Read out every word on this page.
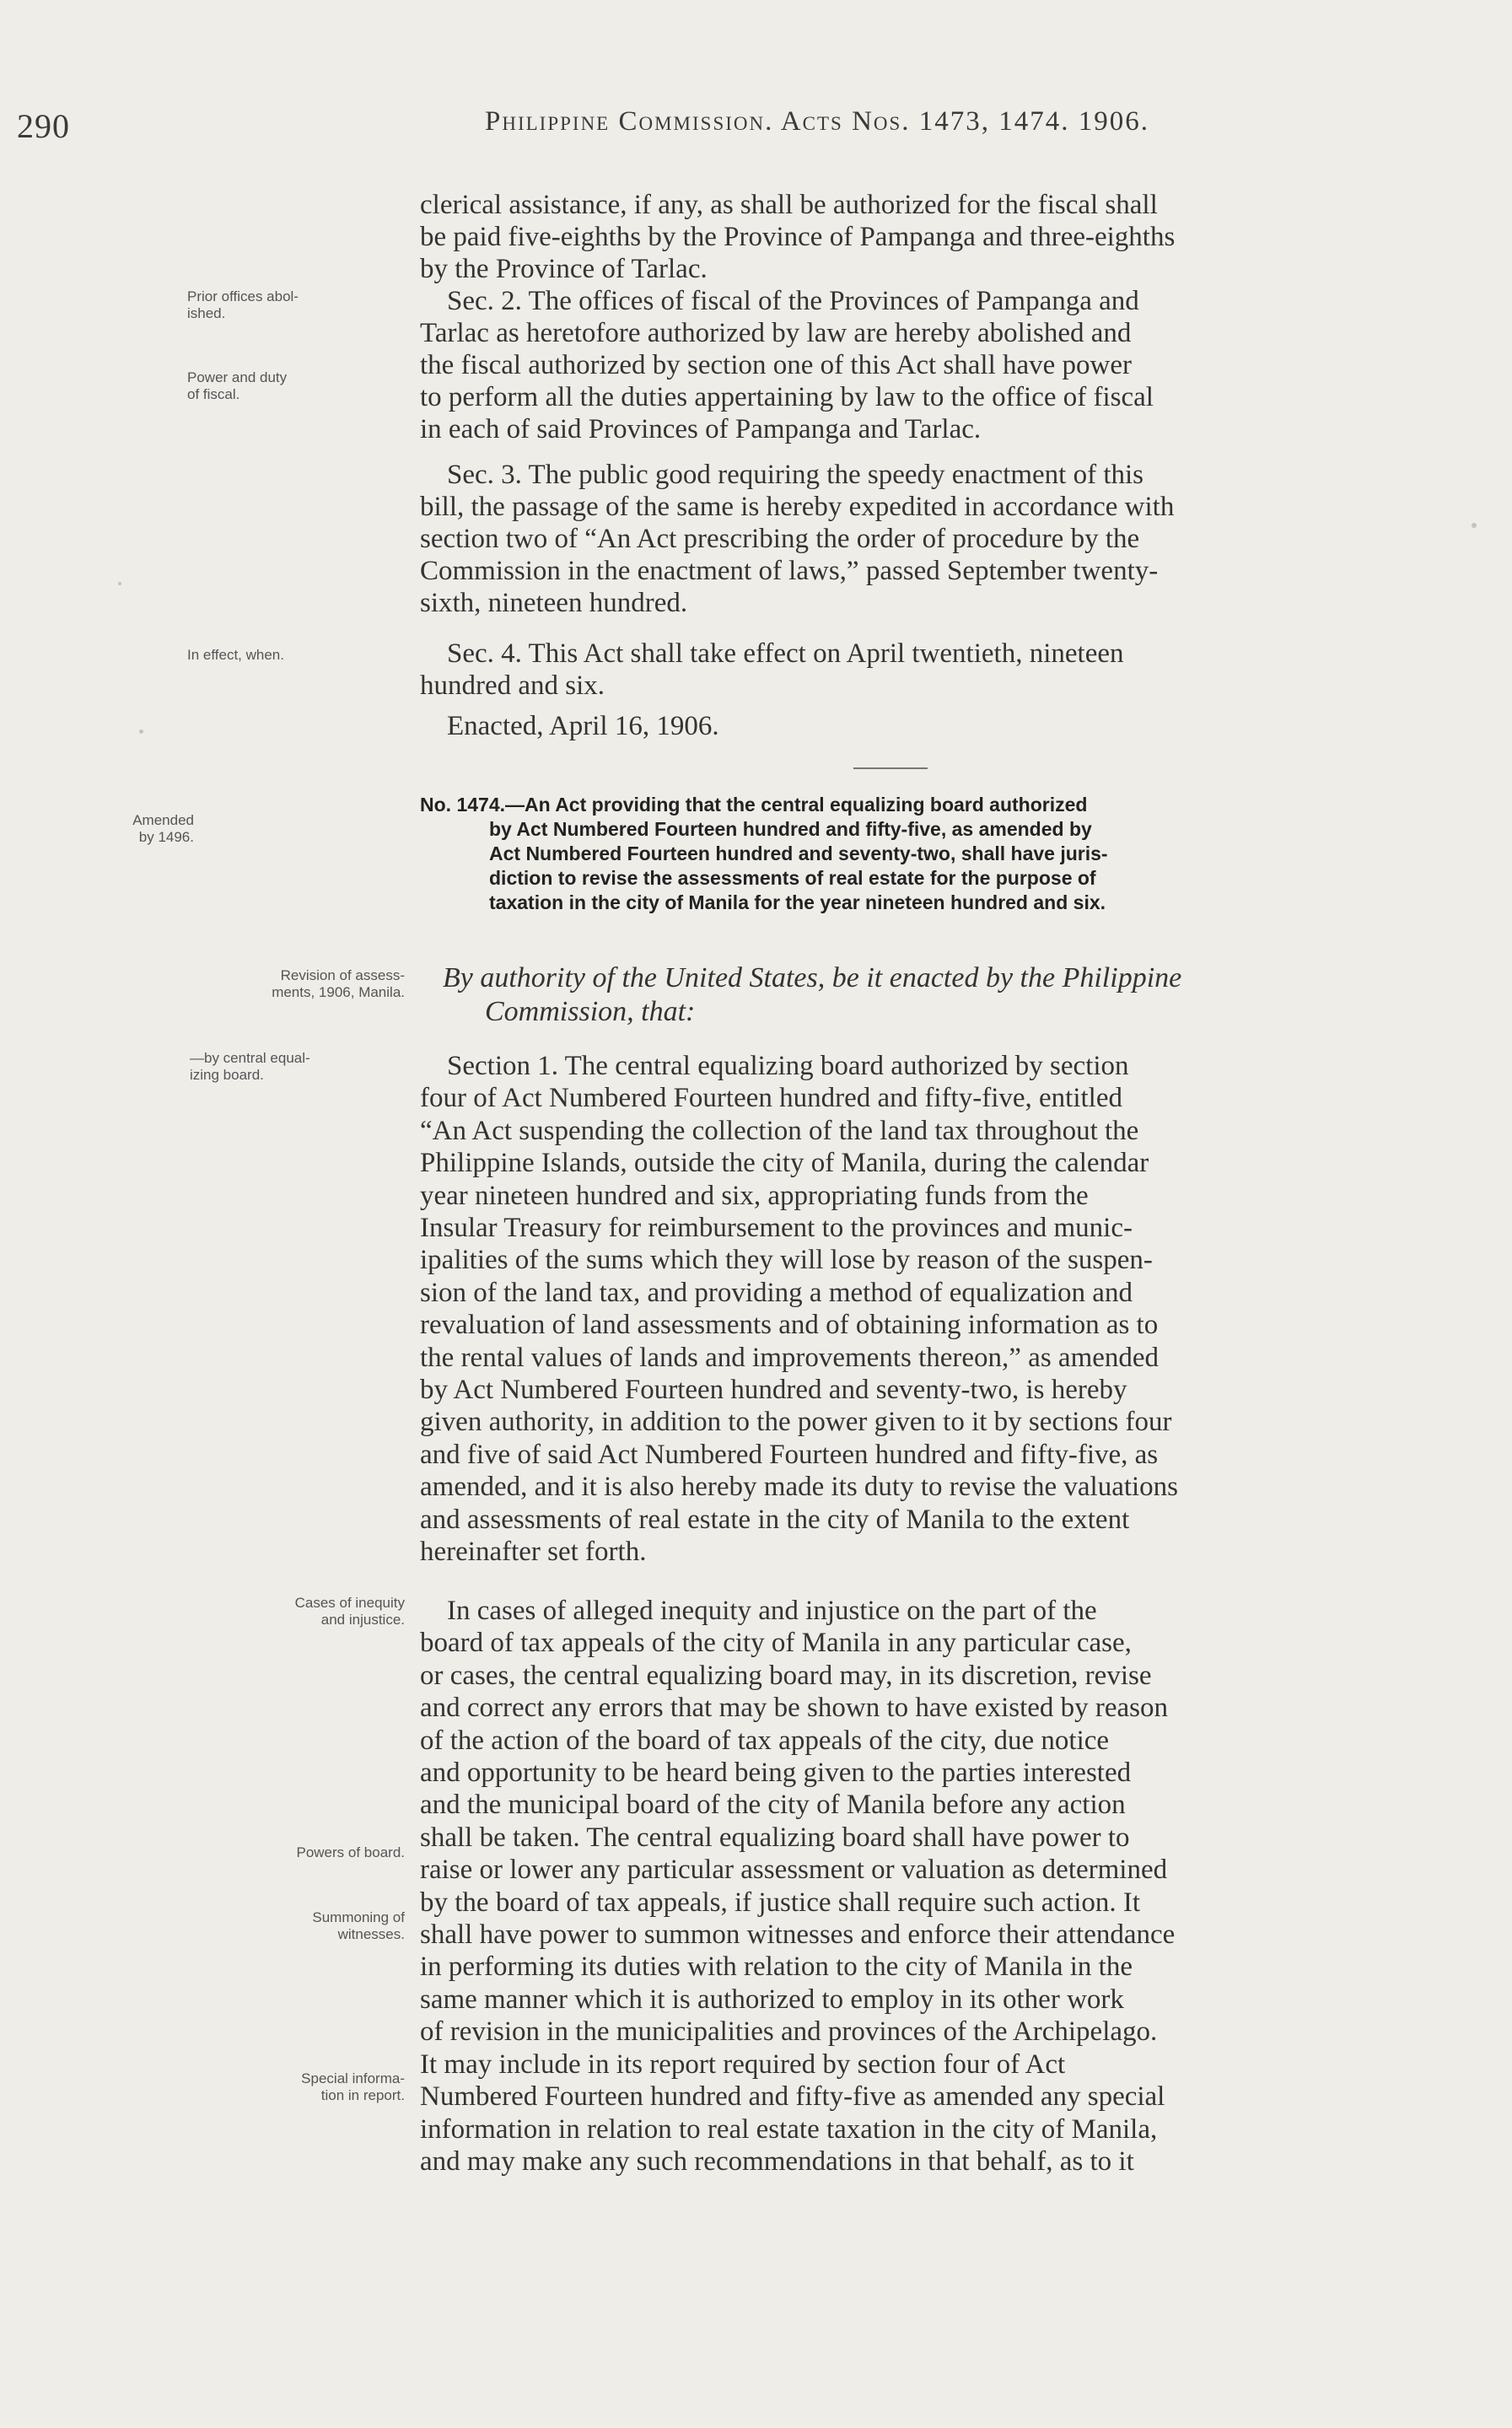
290	Philippine Commission. Acts Nos. 1473, 1474. 1906.
Prior offices abol-
ished.
Power and duty
of fiscal.
In effect, when.
Amended
by 1496.
Revision of assess-
ments, 1906, Manila.
—by central equal-
izing board.
Cases of inequity
and injustice.
Powers of board.
Summoning of
witnesses.
Special informa-
tion in report.
clerical assistance, if any, as shall be authorized for the fiscal shall
be paid five-eighths by the Province of Pampanga and three-eighths
by the Province of Tarlac.
Sec. 2. The offices of fiscal of the Provinces of Pampanga and
Tarlac as heretofore authorized by law are hereby abolished and
the fiscal authorized by section one of this Act shall have power
to perform all the duties appertaining by law to the office of fiscal
in each of said Provinces of Pampanga and Tarlac.
Sec. 3. The public good requiring the speedy enactment of this
bill, the passage of the same is hereby expedited in accordance with
section two of “An Act prescribing the order of procedure by the
Commission in the enactment of laws,” passed September twenty-
sixth, nineteen hundred.
Sec. 4. This Act shall take effect on April twentieth, nineteen
hundred and six.
Enacted, April 16, 1906.
No. 1474.—An Act providing that the central equalizing board authorized
by Act Numbered Fourteen hundred and fifty-five, as amended by
Act Numbered Fourteen hundred and seventy-two, shall have juris-
diction to revise the assessments of real estate for the purpose of
taxation in the city of Manila for the year nineteen hundred and six.
By authority of the United States, be it enacted by the Philippine
Commission, that:
Section 1. The central equalizing board authorized by section
four of Act Numbered Fourteen hundred and fifty-five, entitled
“An Act suspending the collection of the land tax throughout the
Philippine Islands, outside the city of Manila, during the calendar
year nineteen hundred and six, appropriating funds from the
Insular Treasury for reimbursement to the provinces and munic-
ipalities of the sums which they will lose by reason of the suspen-
sion of the land tax, and providing a method of equalization and
revaluation of land assessments and of obtaining information as to
the rental values of lands and improvements thereon,” as amended
by Act Numbered Fourteen hundred and seventy-two, is hereby
given authority, in addition to the power given to it by sections four
and five of said Act Numbered Fourteen hundred and fifty-five, as
amended, and it is also hereby made its duty to revise the valuations
and assessments of real estate in the city of Manila to the extent
hereinafter set forth.
In cases of alleged inequity and injustice on the part of the
board of tax appeals of the city of Manila in any particular case,
or cases, the central equalizing board may, in its discretion, revise
and correct any errors that may be shown to have existed by reason
of the action of the board of tax appeals of the city, due notice
and opportunity to be heard being given to the parties interested
and the municipal board of the city of Manila before any action
shall be taken. The central equalizing board shall have power to
raise or lower any particular assessment or valuation as determined
by the board of tax appeals, if justice shall require such action. It
shall have power to summon witnesses and enforce their attendance
in performing its duties with relation to the city of Manila in the
same manner which it is authorized to employ in its other work
of revision in the municipalities and provinces of the Archipelago.
It may include in its report required by section four of Act
Numbered Fourteen hundred and fifty-five as amended any special
information in relation to real estate taxation in the city of Manila,
and may make any such recommendations in that behalf, as to it
